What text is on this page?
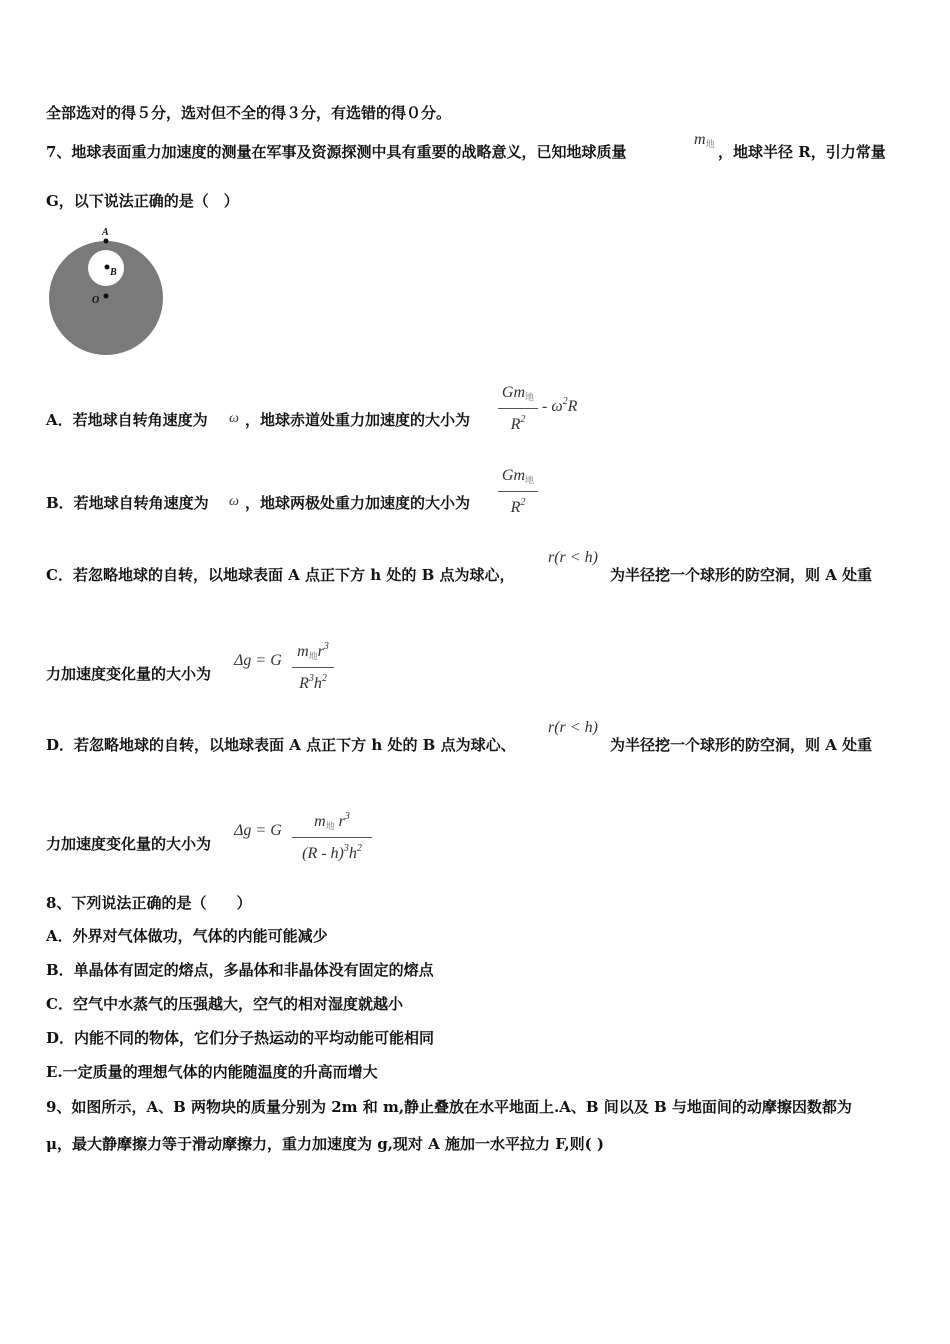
全部选对的得５分，选对但不全的得３分，有选错的得０分。
7、地球表面重力加速度的测量在军事及资源探测中具有重要的战略意义，已知地球质量
$m_地$ ，地球半径 R，引力常量
G，以下说法正确的是（　）
A
B
O
A．若地球自转角速度为 ω ，地球赤道处重力加速度的大小为
$Gm_地$
$R^2$
- $\omega^2R$
B．若地球自转角速度为 ω ，地球两极处重力加速度的大小为
$Gm_地$
$R^2$
C．若忽略地球的自转，以地球表面 A 点正下方 h 处的 B 点为球心，
r(r < h)
为半径挖一个球形的防空洞，则 A 处重
力加速度变化量的大小为
Δg = G
$m_地r^3$
$R^3h^2$
D．若忽略地球的自转，以地球表面 A 点正下方 h 处的 B 点为球心、
r(r < h)
为半径挖一个球形的防空洞，则 A 处重
力加速度变化量的大小为
Δg = G
$m_地$ $r^3$
$(R - h)^3h^2$
8、下列说法正确的是（　　）
A．外界对气体做功，气体的内能可能减少
B．单晶体有固定的熔点，多晶体和非晶体没有固定的熔点
C．空气中水蒸气的压强越大，空气的相对湿度就越小
D．内能不同的物体，它们分子热运动的平均动能可能相同
E.一定质量的理想气体的内能随温度的升高而增大
9、如图所示，A、B 两物块的质量分别为 2m 和 m,静止叠放在水平地面上.A、B 间以及 B 与地面间的动摩擦因数都为
μ，最大静摩擦力等于滑动摩擦力，重力加速度为 g,现对 A 施加一水平拉力 F,则( )
